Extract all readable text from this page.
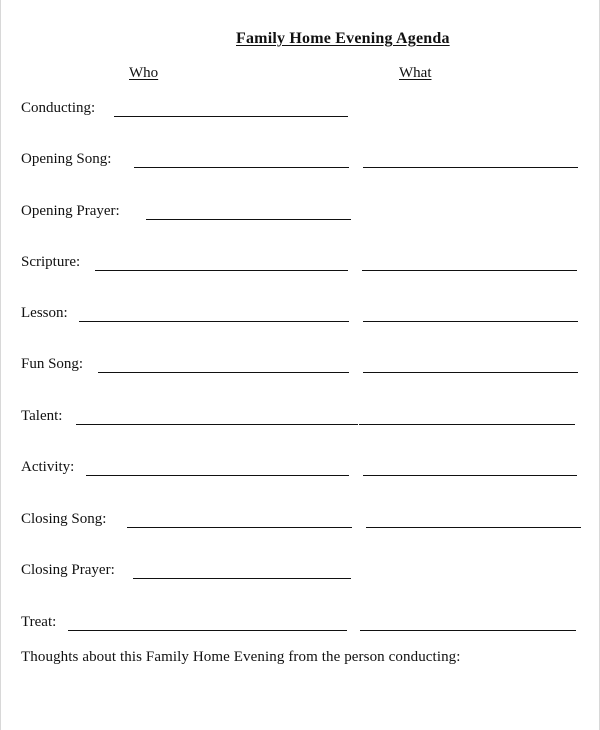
Family Home Evening Agenda
Who	What
Conducting:
Opening Song:
Opening Prayer:
Scripture:
Lesson:
Fun Song:
Talent:
Activity:
Closing Song:
Closing Prayer:
Treat:
Thoughts about this Family Home Evening from the person conducting:
